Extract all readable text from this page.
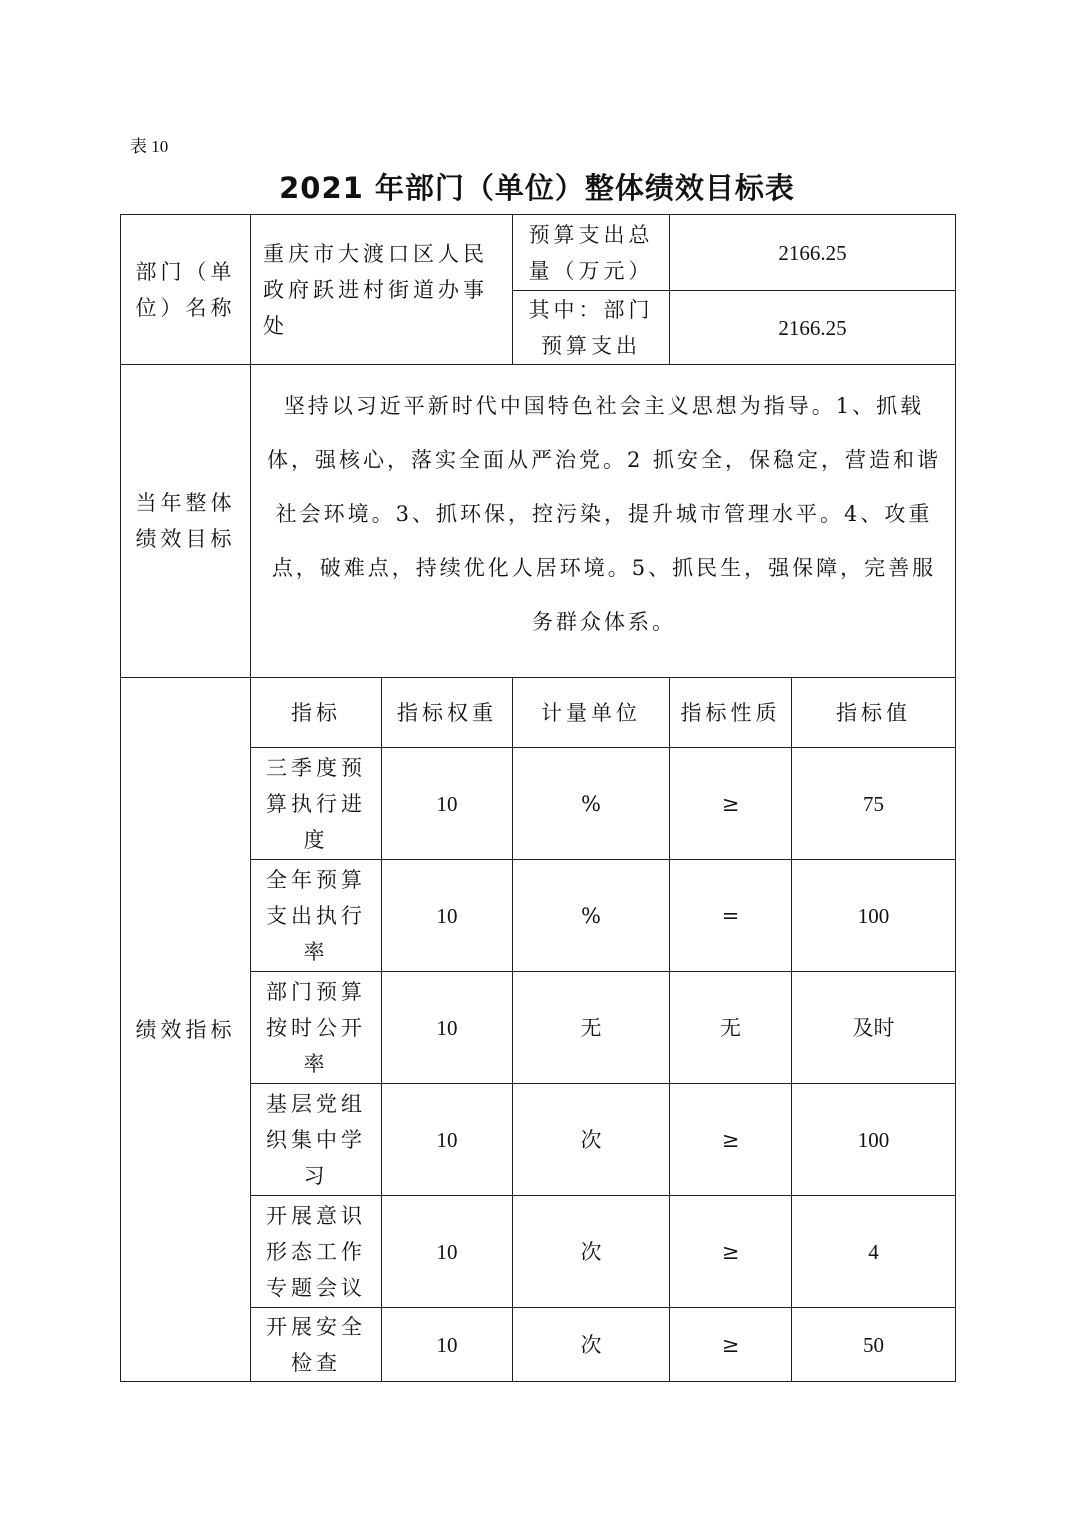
表 10
2021 年部门（单位）整体绩效目标表
部门（单位）名称	重庆市大渡口区人民政府跃进村街道办事处		预算支出总量（万元）	2166.25	
			其中：部门预算支出	2166.25	
当年整体绩效目标	坚持以习近平新时代中国特色社会主义思想为指导。1、抓载体，强核心，落实全面从严治党。2 抓安全，保稳定，营造和谐社会环境。3、抓环保，控污染，提升城市管理水平。4、攻重点，破难点，持续优化人居环境。5、抓民生，强保障，完善服务群众体系。				
绩效指标	指标	指标权重	计量单位	指标性质	指标值
	三季度预算执行进度	10	%	≥	75
	全年预算支出执行率	10	%	=	100
	部门预算按时公开率	10	无	无	及时
	基层党组织集中学习	10	次	≥	100
	开展意识形态工作专题会议	10	次	≥	4
	开展安全检查	10	次	≥	50
